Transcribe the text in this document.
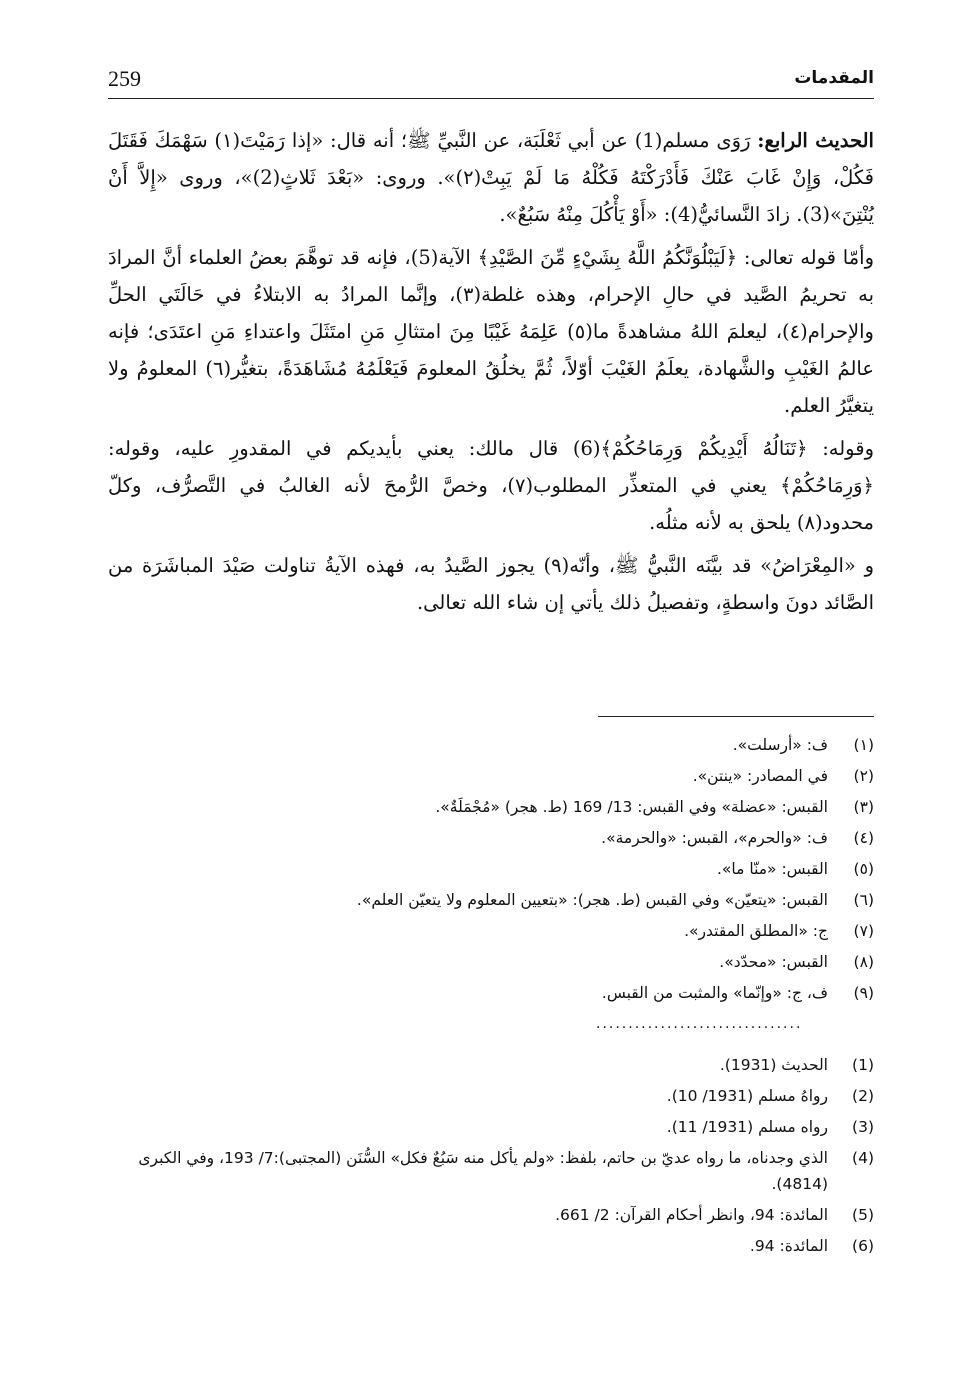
259	المقدمات

الحديث الرابع: رَوَى مسلم(1) عن أبي ثَعْلَبَة، عن النَّبيِّ ﷺ؛ أنه قال: «إذا رَمَيْتَ(١) سَهْمَكَ فَقَتَلَ فَكُلْ، وَإِنْ غَابَ عَنْكَ فَأَدْرَكْتَهُ فَكُلْهُ مَا لَمْ يَبِتْ(٢)». وروى: «بَعْدَ ثَلاثٍ(2)»، وروى «إِلاَّ أَنْ يُنْتِنَ»(3). زادَ النَّسائيُّ(4): «أَوْ يَأْكُلَ مِنْهُ سَبُعٌ».

وأمّا قوله تعالى: ﴿لَيَبْلُوَنَّكُمُ اللَّهُ بِشَيْءٍ مِّنَ الصَّيْدِ﴾ الآية(5)، فإنه قد توهَّمَ بعضُ العلماء أنَّ المرادَ به تحريمُ الصَّيد في حالِ الإحرام، وهذه غلطة(٣)، وإنَّما المرادُ به الابتلاءُ في حَالَتَي الحلِّ والإحرام(٤)، ليعلمَ اللهُ مشاهدةً ما(٥) عَلِمَهُ غَيْبًا مِنَ امتثالِ مَنِ امتَثَلَ واعتداءِ مَنِ اعتَدَى؛ فإنه عالمُ الغَيْبِ والشَّهادة، يعلَمُ الغَيْبَ أوّلاً، ثُمَّ يخلُقُ المعلومَ فَيَعْلَمُهُ مُشَاهَدَةً، بتغيُّر(٦) المعلومُ ولا يتغيَّرُ العلم.

وقوله: ﴿تَنَالُهُ أَيْدِيكُمْ وَرِمَاحُكُمْ﴾(6) قال مالك: يعني بأيديكم في المقدورِ عليه، وقوله: ﴿وَرِمَاحُكُمْ﴾ يعني في المتعذِّر المطلوب(٧)، وخصَّ الرُّمحَ لأنه الغالبُ في التَّصرُّف، وكلّ محدود(٨) يلحق به لأنه مثلُه.

و «المِعْرَاضُ» قد بيَّنَه النَّبيُّ ﷺ، وأنّه(٩) يجوز الصَّيدُ به، فهذه الآيةُ تناولت صَيْدَ المباشَرَة من الصَّائد دونَ واسطةٍ، وتفصيلُ ذلك يأتي إن شاء الله تعالى.

(١)
ف: «أرسلت».
(٢)
في المصادر: «ينتن».
(٣)
القبس: «عضلة» وفي القبس: 13/ 169 (ط. هجر) «مُجْمَلَةٌ».
(٤)
ف: «والحرم»، القبس: «والحرمة».
(٥)
القبس: «منّا ما».
(٦)
القبس: «يتعيّن» وفي القبس (ط. هجر): «بتعيين المعلوم ولا يتعيّن العلم».
(٧)
ج: «المطلق المقتدر».
(٨)
القبس: «محدّد».
(٩)
ف، ج: «وإنّما» والمثبت من القبس.
................................
(1)
الحديث (1931).
(2)
رواهُ مسلم (1931/ 10).
(3)
رواه مسلم (1931/ 11).
(4)
الذي وجدناه، ما رواه عديّ بن حاتم، بلفظ: «ولم يأكل منه سَبُعٌ فكل» السُّنَن (المجتبى):7/ 193، وفي الكبرى (4814).
(5)
المائدة: 94، وانظر أحكام القرآن: 2/ 661.
(6)
المائدة: 94.
